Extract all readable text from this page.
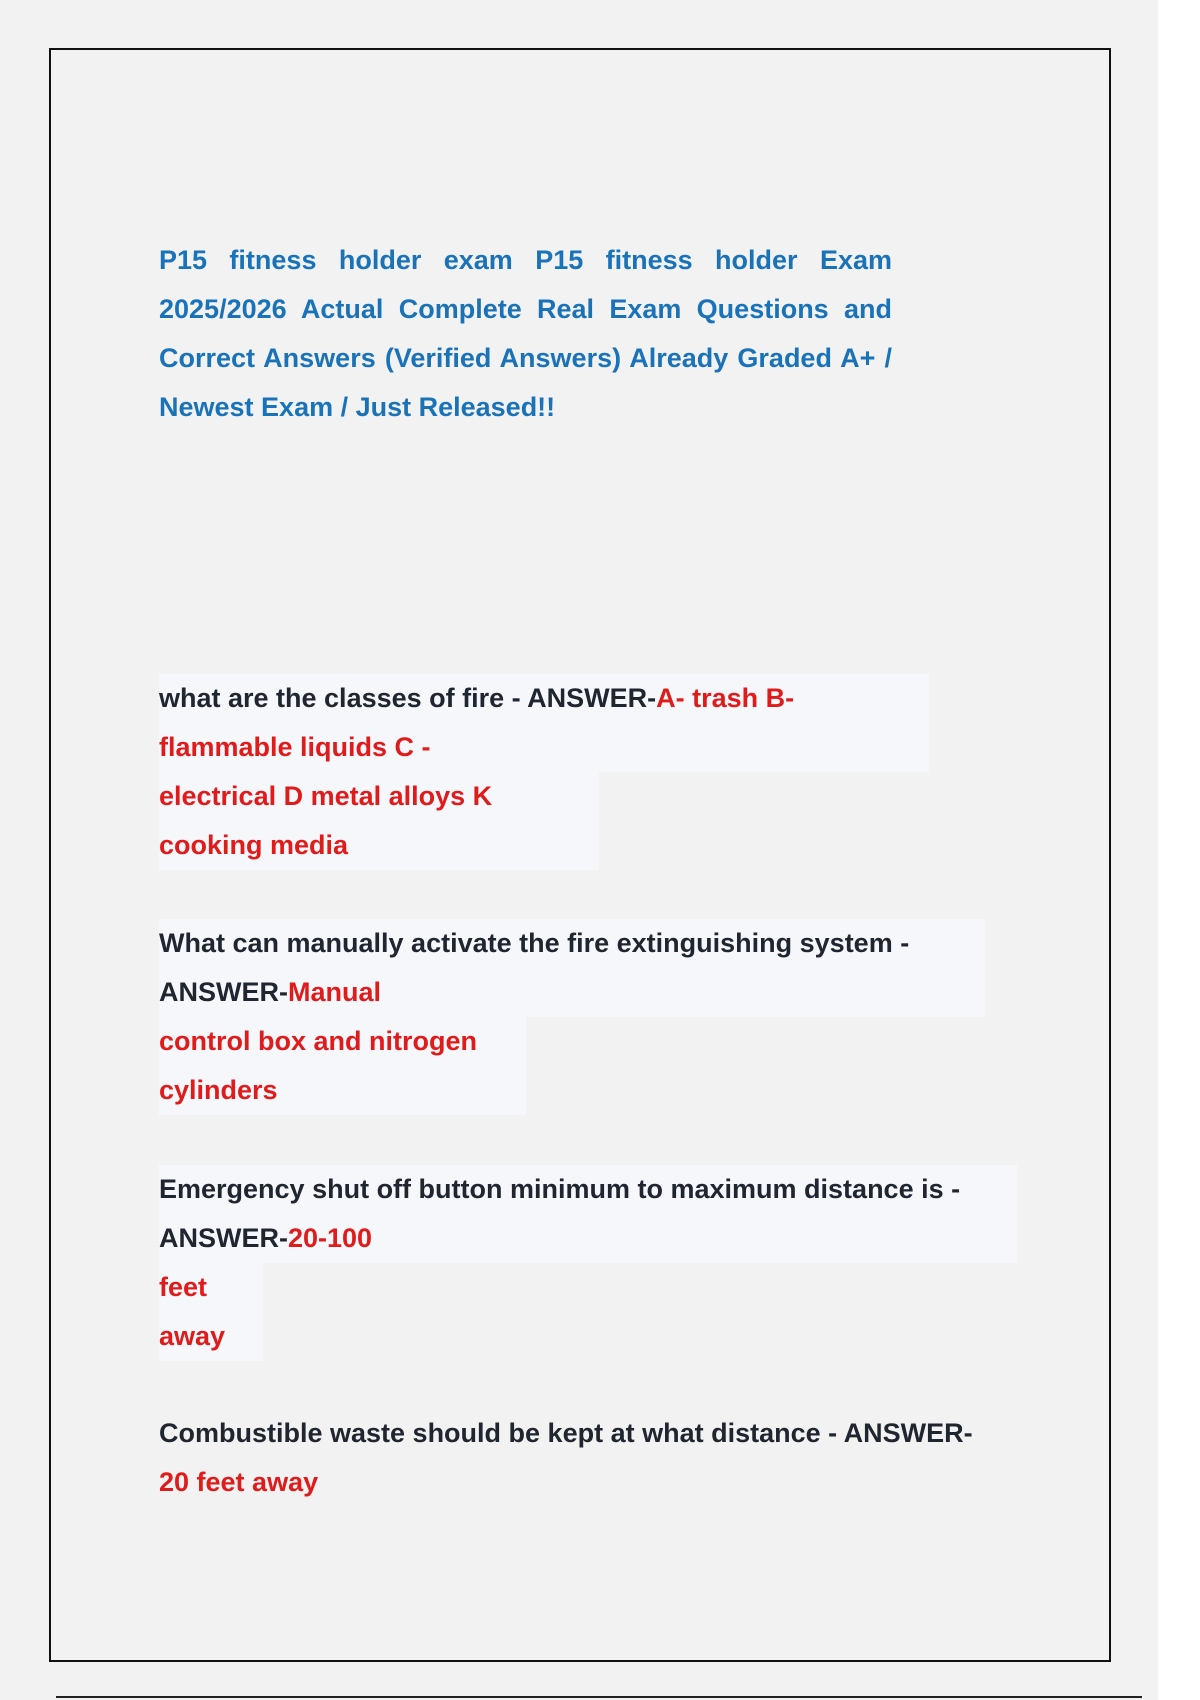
P15 fitness holder exam P15 fitness holder Exam 2025/2026 Actual Complete Real Exam Questions and Correct Answers (Verified Answers) Already Graded A+ / Newest Exam / Just Released!!
what are the classes of fire - ANSWER-A- trash B-
flammable liquids C -
electrical D metal alloys K
cooking media
What can manually activate the fire extinguishing system -
ANSWER-Manual
control box and nitrogen
cylinders
Emergency shut off button minimum to maximum distance is -
ANSWER-20-100
feet
away
Combustible waste should be kept at what distance - ANSWER-
20 feet away
